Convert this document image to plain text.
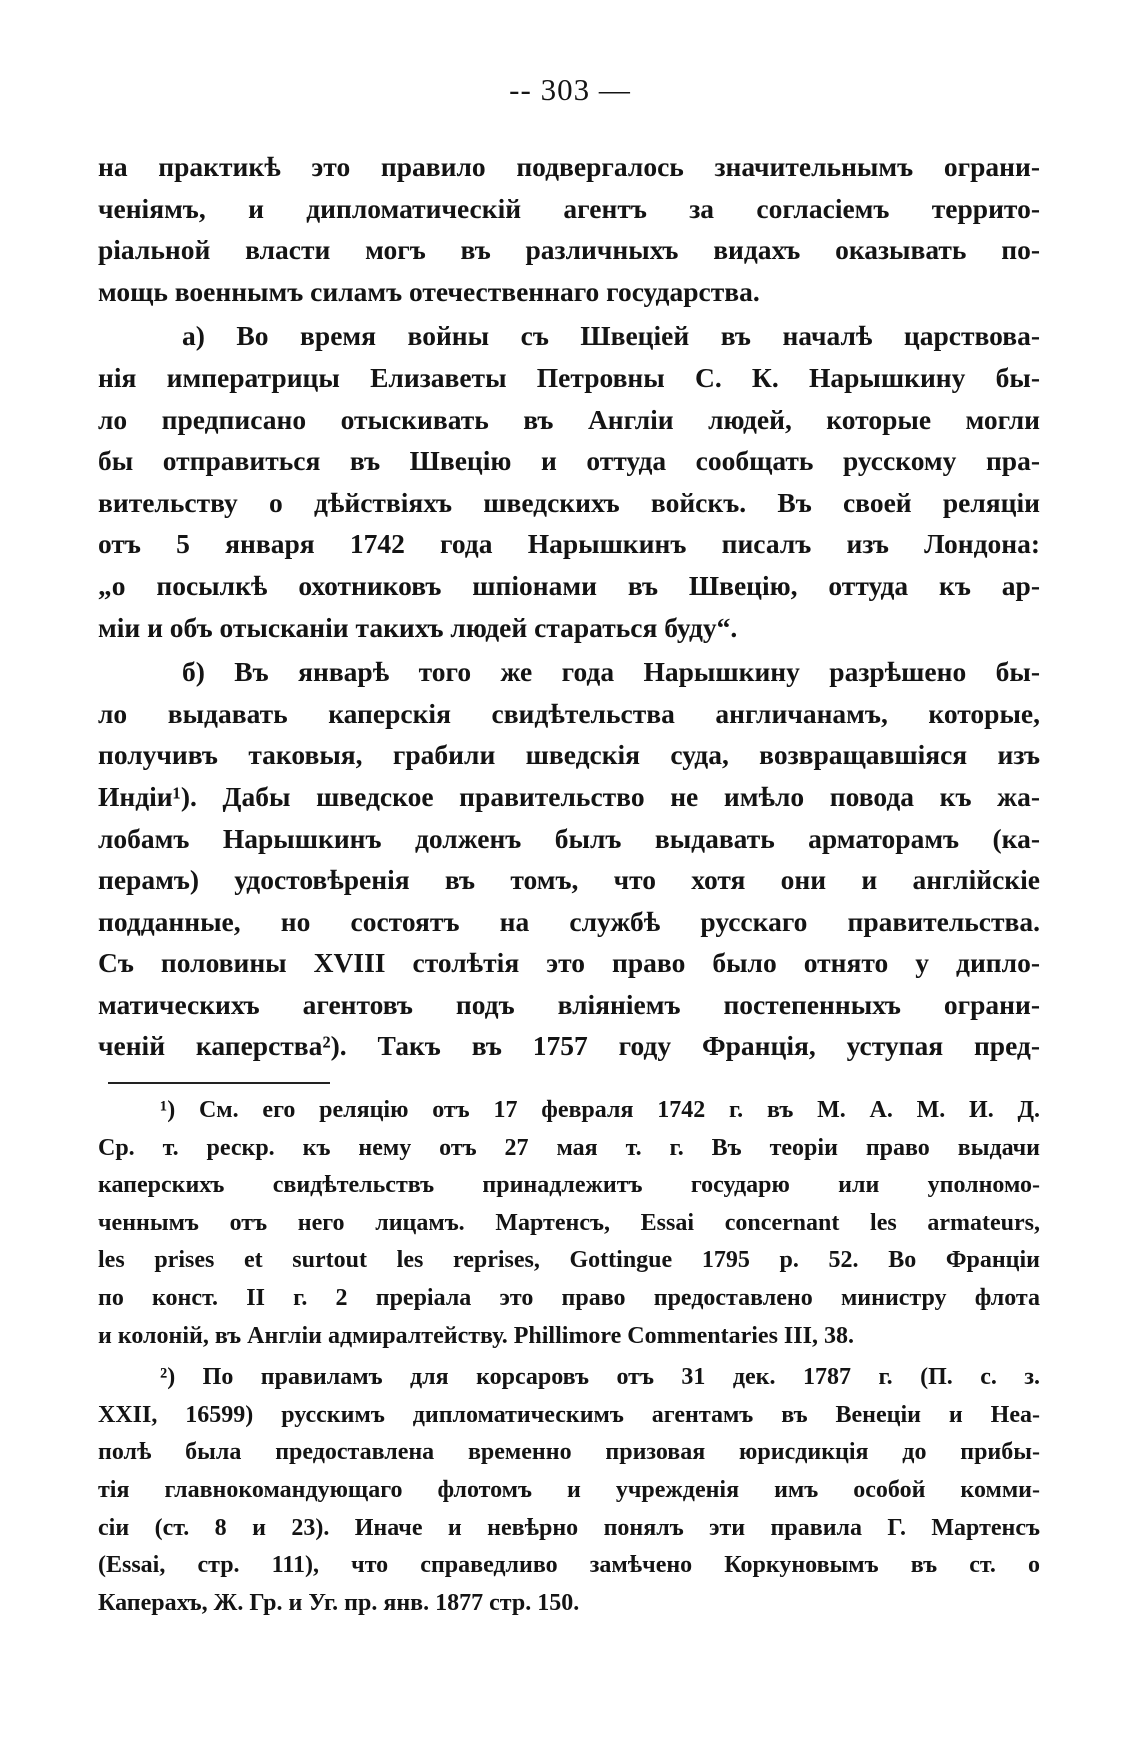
-- 303 —
на практикѣ это правило подвергалось значительнымъ ограни-
ченіямъ, и дипломатическій агентъ за согласіемъ террито-
ріальной власти могъ въ различныхъ видахъ оказывать по-
мощь военнымъ силамъ отечественнаго государства.
а) Во время войны съ Швеціей въ началѣ царствова-
нія императрицы Елизаветы Петровны С. К. Нарышкину бы-
ло предписано отыскивать въ Англіи людей, которые могли
бы отправиться въ Швецію и оттуда сообщать русскому пра-
вительству о дѣйствіяхъ шведскихъ войскъ. Въ своей реляціи
отъ 5 января 1742 года Нарышкинъ писалъ изъ Лондона:
„о посылкѣ охотниковъ шпіонами въ Швецію, оттуда къ ар-
міи и объ отысканіи такихъ людей стараться буду“.
б) Въ январѣ того же года Нарышкину разрѣшено бы-
ло выдавать каперскія свидѣтельства англичанамъ, которые,
получивъ таковыя, грабили шведскія суда, возвращавшіяся изъ
Индіи¹). Дабы шведское правительство не имѣло повода къ жа-
лобамъ Нарышкинъ долженъ былъ выдавать арматорамъ (ка-
перамъ) удостовѣренія въ томъ, что хотя они и англійскіе
подданные, но состоятъ на службѣ русскаго правительства.
Съ половины XVIII столѣтія это право было отнято у дипло-
матическихъ агентовъ подъ вліяніемъ постепенныхъ ограни-
ченій каперства²). Такъ въ 1757 году Франція, уступая пред-
¹) См. его реляцію отъ 17 февраля 1742 г. въ М. А. М. И. Д.
Ср. т. рескр. къ нему отъ 27 мая т. г. Въ теоріи право выдачи
каперскихъ свидѣтельствъ принадлежитъ государю или уполномо-
ченнымъ отъ него лицамъ. Мартенсъ, Essai concernant les armateurs,
les prises et surtout les reprises, Gottingue 1795 p. 52. Во Франціи
по конст. II г. 2 преріала это право предоставлено министру флота
и колоній, въ Англіи адмиралтейству. Phillimore Commentaries III, 38.
²) По правиламъ для корсаровъ отъ 31 дек. 1787 г. (П. с. з.
XXII, 16599) русскимъ дипломатическимъ агентамъ въ Венеціи и Неа-
полѣ была предоставлена временно призовая юрисдикція до прибы-
тія главнокомандующаго флотомъ и учрежденія имъ особой комми-
сіи (ст. 8 и 23). Иначе и невѣрно понялъ эти правила Г. Мартенсъ
(Essai, стр. 111), что справедливо замѣчено Коркуновымъ въ ст. о
Каперахъ, Ж. Гр. и Уг. пр. янв. 1877 стр. 150.
